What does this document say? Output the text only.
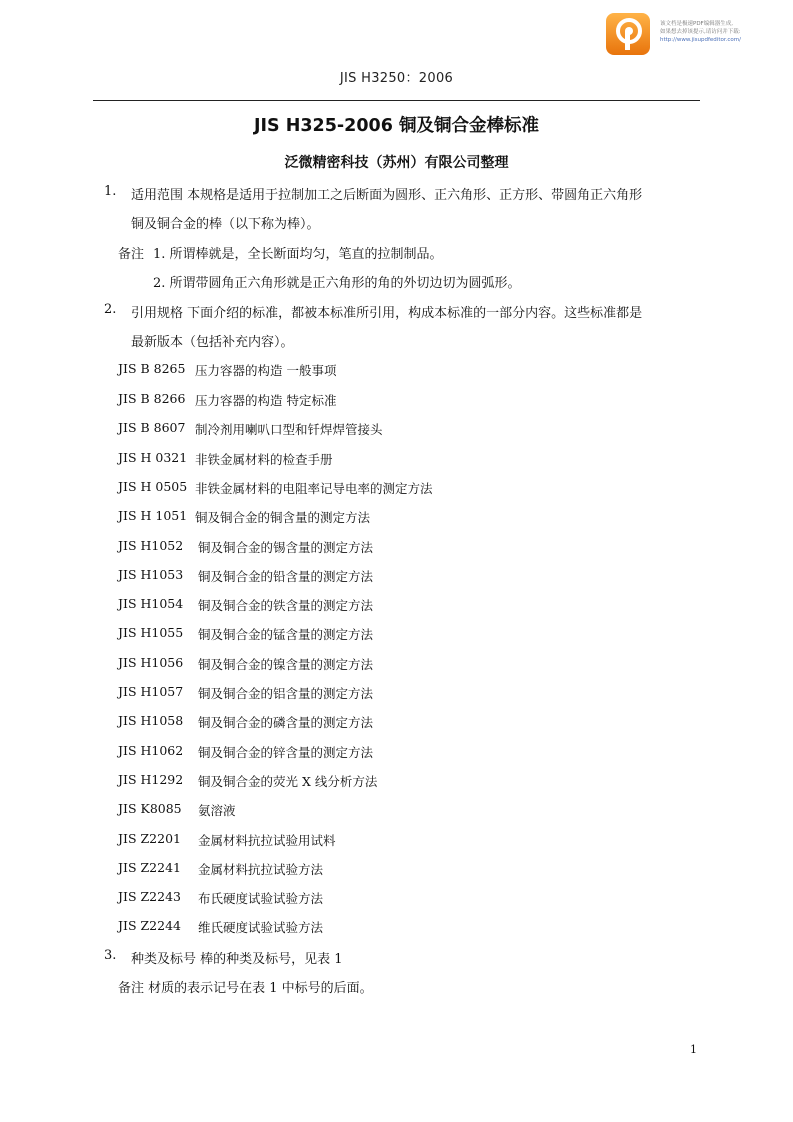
该文档是极速PDF编辑器生成,
如果想去掉该提示,请访问并下载:
http://www.jisupdfeditor.com/
JIS H3250：2006
JIS H325-2006 铜及铜合金棒标准
泛微精密科技（苏州）有限公司整理
1. 适用范围 本规格是适用于拉制加工之后断面为圆形、正六角形、正方形、带圆角正六角形
铜及铜合金的棒（以下称为棒）。
备注 1. 所谓棒就是，全长断面均匀，笔直的拉制制品。
2. 所谓带圆角正六角形就是正六角形的角的外切边切为圆弧形。
2. 引用规格 下面介绍的标准，都被本标准所引用，构成本标准的一部分内容。这些标准都是
最新版本（包括补充内容）。
JIS B 8265 压力容器的构造 一般事项
JIS B 8266 压力容器的构造 特定标准
JIS B 8607 制冷剂用喇叭口型和钎焊焊管接头
JIS H 0321 非铁金属材料的检查手册
JIS H 0505 非铁金属材料的电阻率记导电率的测定方法
JIS H 1051 铜及铜合金的铜含量的测定方法
JIS H1052 铜及铜合金的锡含量的测定方法
JIS H1053 铜及铜合金的铅含量的测定方法
JIS H1054 铜及铜合金的铁含量的测定方法
JIS H1055 铜及铜合金的锰含量的测定方法
JIS H1056 铜及铜合金的镍含量的测定方法
JIS H1057 铜及铜合金的铝含量的测定方法
JIS H1058 铜及铜合金的磷含量的测定方法
JIS H1062 铜及铜合金的锌含量的测定方法
JIS H1292 铜及铜合金的荧光 X 线分析方法
JIS K8085 氨溶液
JIS Z2201 金属材料抗拉试验用试料
JIS Z2241 金属材料抗拉试验方法
JIS Z2243 布氏硬度试验试验方法
JIS Z2244 维氏硬度试验试验方法
3. 种类及标号 棒的种类及标号，见表 1
备注 材质的表示记号在表 1 中标号的后面。
1
